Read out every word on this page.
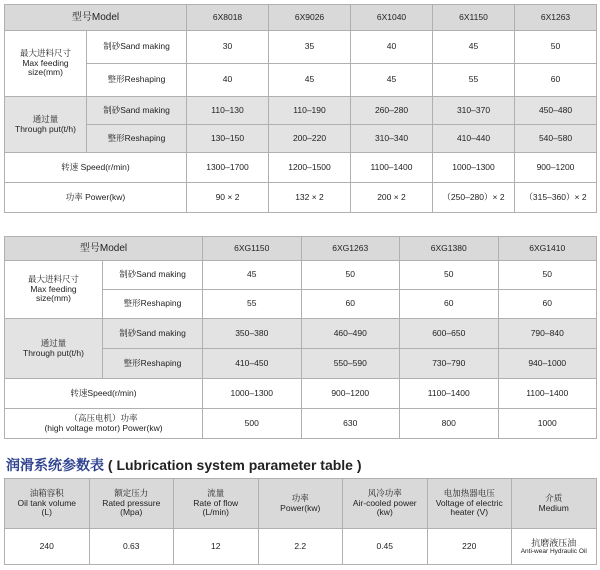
型号Model		6X8018	6X9026	6X1040	6X1150	6X1263
最大进料尺寸
Max feeding
size(mm)	制砂Sand making	30	35	40	45	50
	整形Reshaping	40	45	45	55	60
通过量
Through put(t/h)	制砂Sand making	110–130	110–190	260–280	310–370	450–480
	整形Reshaping	130–150	200–220	310–340	410–440	540–580
转速 Speed(r/min)		1300–1700	1200–1500	1100–1400	1000–1300	900–1200
功率 Power(kw)		90 × 2	132 × 2	200 × 2	（250–280）× 2	（315–360）× 2
型号Model		6XG1150	6XG1263	6XG1380	6XG1410
最大进料尺寸
Max feeding
size(mm)	制砂Sand making	45	50	50	50
	整形Reshaping	55	60	60	60
通过量
Through put(t/h)	制砂Sand making	350–380	460–490	600–650	790–840
	整形Reshaping	410–450	550–590	730–790	940–1000
转速Speed(r/min)		1000–1300	900–1200	1100–1400	1100–1400
（高压电机）功率
(high voltage motor) Power(kw)		500	630	800	1000
润滑系统参数表 ( Lubrication system parameter table )
油箱容积
Oil tank volume
(L)	额定压力
Rated pressure
(Mpa)	流量
Rate of flow
(L/min)	功率
Power(kw)	风冷功率
Air-cooled power
(kw)	电加热器电压
Voltage of electric
heater (V)	介质
Medium
240	0.63	12	2.2	0.45	220	抗磨液压油
Anti-wear Hydraulic Oil
